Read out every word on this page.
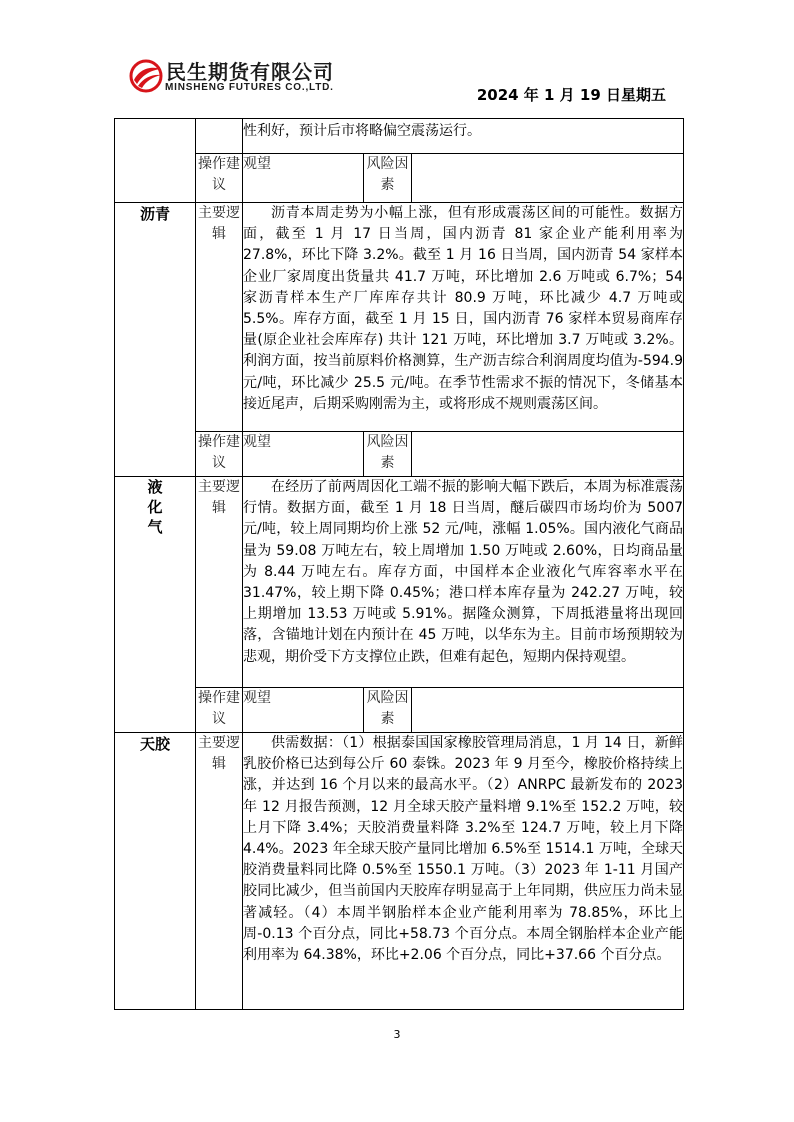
民生期货有限公司
MINSHENG FUTURES CO.,LTD.	2024 年 1 月 19 日星期五
		性利好，预计后市将略偏空震荡运行。		
	操作建议	观望	风险因素	
沥青	主要逻辑	沥青本周走势为小幅上涨，但有形成震荡区间的可能性。数据方面，截至 1 月 17 日当周，国内沥青 81 家企业产能利用率为 27.8%，环比下降 3.2%。截至 1 月 16 日当周，国内沥青 54 家样本企业厂家周度出货量共 41.7 万吨，环比增加 2.6 万吨或 6.7%；54 家沥青样本生产厂库库存共计 80.9 万吨，环比减少 4.7 万吨或 5.5%。库存方面，截至 1 月 15 日，国内沥青 76 家样本贸易商库存量(原企业社会库库存) 共计 121 万吨，环比增加 3.7 万吨或 3.2%。利润方面，按当前原料价格测算，生产沥吉综合利润周度均值为-594.9 元/吨，环比减少 25.5 元/吨。在季节性需求不振的情况下，冬储基本接近尾声，后期采购刚需为主，或将形成不规则震荡区间。		

	操作建议	观望	风险因素	

液化气	主要逻辑	在经历了前两周因化工端不振的影响大幅下跌后，本周为标准震荡行情。数据方面，截至 1 月 18 日当周，醚后碳四市场均价为 5007 元/吨，较上周同期均价上涨 52 元/吨，涨幅 1.05%。国内液化气商品量为 59.08 万吨左右，较上周增加 1.50 万吨或 2.60%，日均商品量为 8.44 万吨左右。库存方面，中国样本企业液化气库容率水平在 31.47%，较上期下降 0.45%；港口样本库存量为 242.27 万吨，较上期增加 13.53 万吨或 5.91%。据隆众测算，下周抵港量将出现回落，含锚地计划在内预计在 45 万吨，以华东为主。目前市场预期较为悲观，期价受下方支撑位止跌，但难有起色，短期内保持观望。		

	操作建议	观望	风险因素	
天胶	主要逻辑	供需数据：（1）根据泰国国家橡胶管理局消息，1 月 14 日，新鲜乳胶价格已达到每公斤 60 泰铢。2023 年 9 月至今，橡胶价格持续上涨，并达到 16 个月以来的最高水平。（2）ANRPC 最新发布的 2023 年 12 月报告预测，12 月全球天胶产量料增 9.1%至 152.2 万吨，较上月下降 3.4%；天胶消费量料降 3.2%至 124.7 万吨，较上月下降 4.4%。2023 年全球天胶产量同比增加 6.5%至 1514.1 万吨，全球天胶消费量料同比降 0.5%至 1550.1 万吨。（3）2023 年 1-11 月国产胶同比减少，但当前国内天胶库存明显高于上年同期，供应压力尚未显著减轻。（4）本周半钢胎样本企业产能利用率为 78.85%，环比上周-0.13 个百分点，同比+58.73 个百分点。本周全钢胎样本企业产能利用率为 64.38%，环比+2.06 个百分点，同比+37.66 个百分点。		

3
